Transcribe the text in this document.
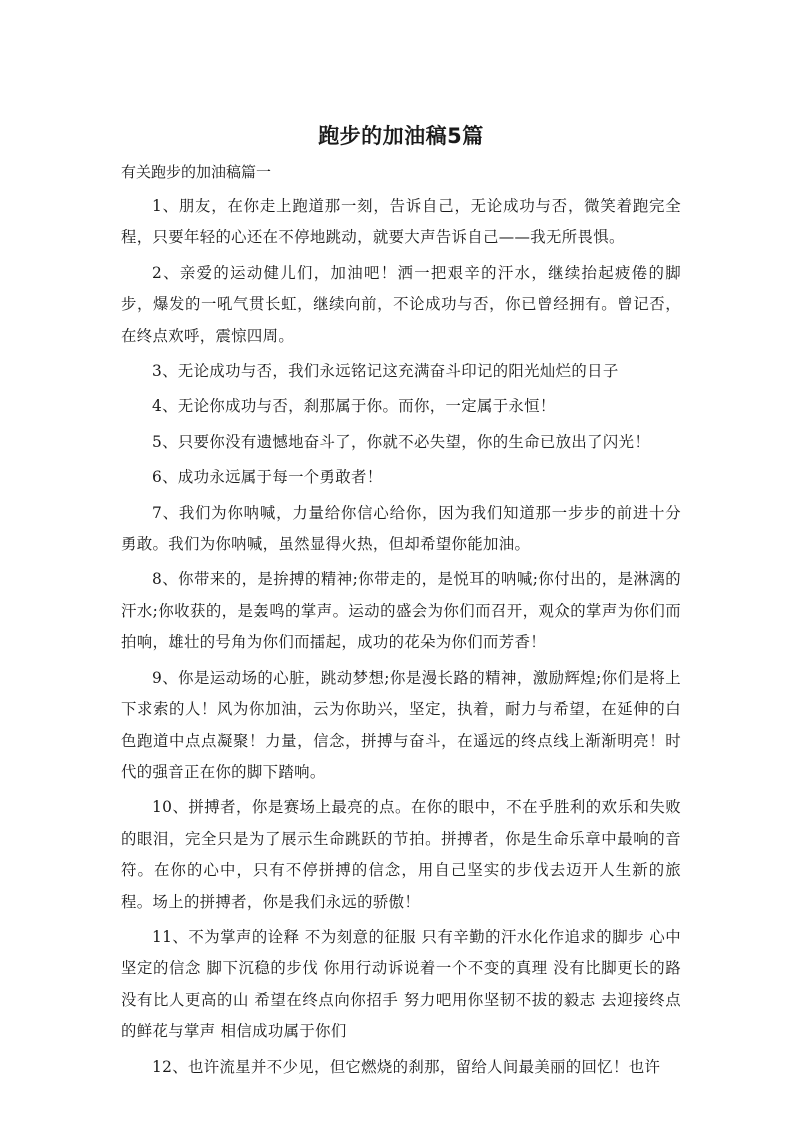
跑步的加油稿5篇

有关跑步的加油稿篇一

1、朋友，在你走上跑道那一刻，告诉自己，无论成功与否，微笑着跑完全程，只要年轻的心还在不停地跳动，就要大声告诉自己——我无所畏惧。

2、亲爱的运动健儿们，加油吧！洒一把艰辛的汗水，继续抬起疲倦的脚步，爆发的一吼气贯长虹，继续向前，不论成功与否，你已曾经拥有。曾记否，在终点欢呼，震惊四周。

3、无论成功与否，我们永远铭记这充满奋斗印记的阳光灿烂的日子

4、无论你成功与否，刹那属于你。而你，一定属于永恒！

5、只要你没有遗憾地奋斗了，你就不必失望，你的生命已放出了闪光！

6、成功永远属于每一个勇敢者！

7、我们为你呐喊，力量给你信心给你，因为我们知道那一步步的前进十分勇敢。我们为你呐喊，虽然显得火热，但却希望你能加油。

8、你带来的，是拚搏的精神;你带走的，是悦耳的呐喊;你付出的，是淋漓的汗水;你收获的，是轰鸣的掌声。运动的盛会为你们而召开，观众的掌声为你们而拍响，雄壮的号角为你们而擂起，成功的花朵为你们而芳香！

9、你是运动场的心脏，跳动梦想;你是漫长路的精神，激励辉煌;你们是将上下求索的人！风为你加油，云为你助兴，坚定，执着，耐力与希望，在延伸的白色跑道中点点凝聚！力量，信念，拼搏与奋斗，在遥远的终点线上渐渐明亮！时代的强音正在你的脚下踏响。

10、拼搏者，你是赛场上最亮的点。在你的眼中，不在乎胜利的欢乐和失败的眼泪，完全只是为了展示生命跳跃的节拍。拼搏者，你是生命乐章中最响的音符。在你的心中，只有不停拼搏的信念，用自己坚实的步伐去迈开人生新的旅程。场上的拼搏者，你是我们永远的骄傲！

11、不为掌声的诠释 不为刻意的征服 只有辛勤的汗水化作追求的脚步 心中坚定的信念 脚下沉稳的步伐 你用行动诉说着一个不变的真理 没有比脚更长的路没有比人更高的山 希望在终点向你招手 努力吧用你坚韧不拔的毅志 去迎接终点的鲜花与掌声 相信成功属于你们

12、也许流星并不少见，但它燃烧的刹那，留给人间最美丽的回忆！也许
